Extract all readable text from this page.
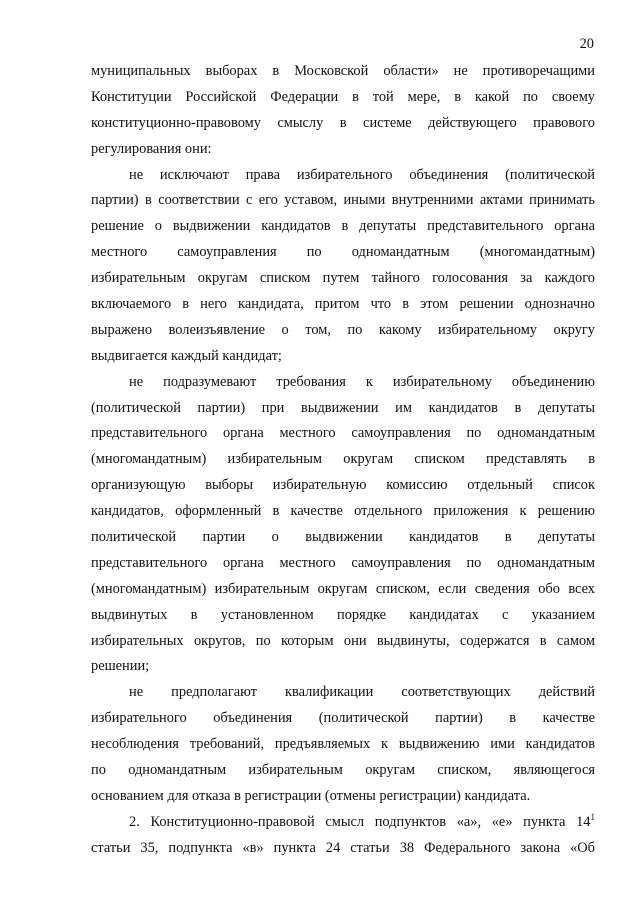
20
муниципальных выборах в Московской области» не противоречащими
Конституции Российской Федерации в той мере, в какой по своему
конституционно-правовому смыслу в системе действующего правового
регулирования они:
не исключают права избирательного объединения (политической
партии) в соответствии с его уставом, иными внутренними актами принимать
решение о выдвижении кандидатов в депутаты представительного органа
местного самоуправления по одномандатным (многомандатным)
избирательным округам списком путем тайного голосования за каждого
включаемого в него кандидата, притом что в этом решении однозначно
выражено волеизъявление о том, по какому избирательному округу
выдвигается каждый кандидат;
не подразумевают требования к избирательному объединению
(политической партии) при выдвижении им кандидатов в депутаты
представительного органа местного самоуправления по одномандатным
(многомандатным) избирательным округам списком представлять в
организующую выборы избирательную комиссию отдельный список
кандидатов, оформленный в качестве отдельного приложения к решению
политической партии о выдвижении кандидатов в депутаты
представительного органа местного самоуправления по одномандатным
(многомандатным) избирательным округам списком, если сведения обо всех
выдвинутых в установленном порядке кандидатах с указанием
избирательных округов, по которым они выдвинуты, содержатся в самом
решении;
не предполагают квалификации соответствующих действий
избирательного объединения (политической партии) в качестве
несоблюдения требований, предъявляемых к выдвижению ими кандидатов
по одномандатным избирательным округам списком, являющегося
основанием для отказа в регистрации (отмены регистрации) кандидата.
2. Конституционно-правовой смысл подпунктов «а», «е» пункта $14^1$
статьи 35, подпункта «в» пункта 24 статьи 38 Федерального закона «Об
